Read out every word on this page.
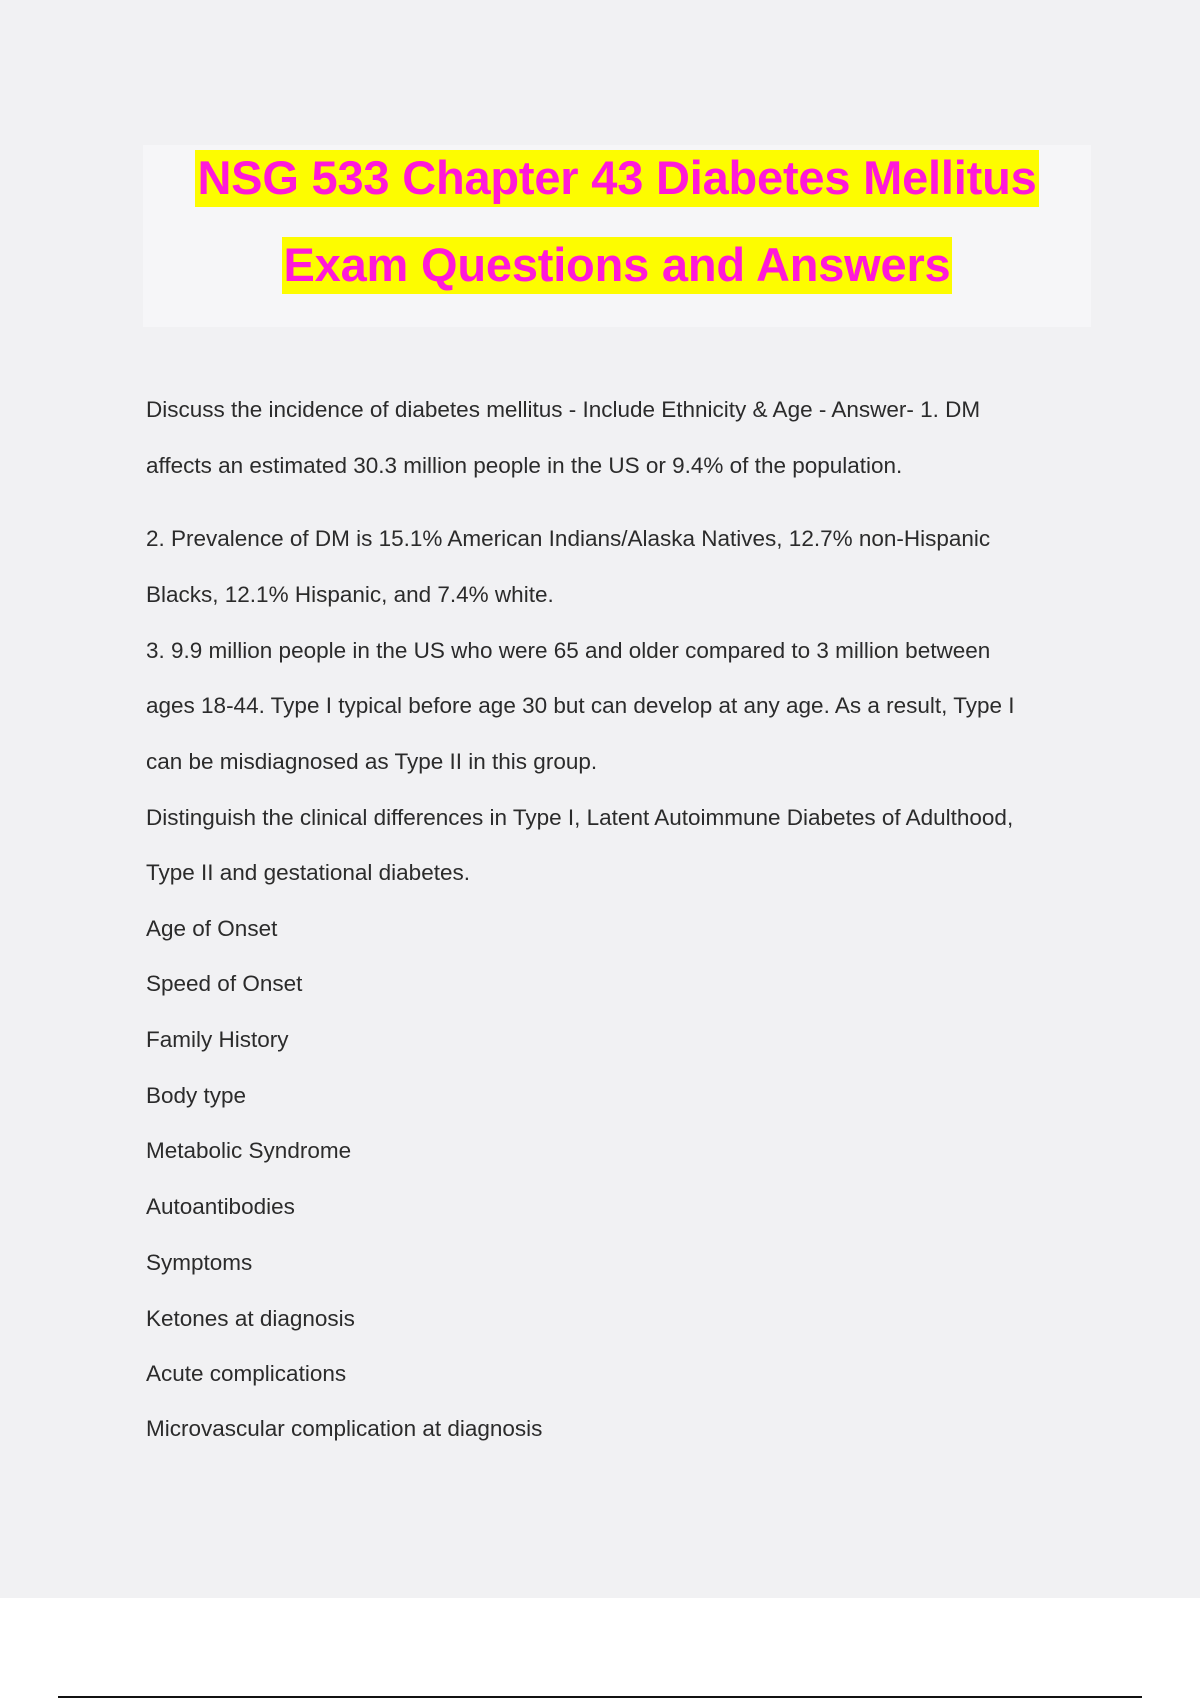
NSG 533 Chapter 43 Diabetes Mellitus
Exam Questions and Answers
Discuss the incidence of diabetes mellitus - Include Ethnicity & Age - Answer- 1. DM
affects an estimated 30.3 million people in the US or 9.4% of the population.
2. Prevalence of DM is 15.1% American Indians/Alaska Natives, 12.7% non-Hispanic
Blacks, 12.1% Hispanic, and 7.4% white.
3. 9.9 million people in the US who were 65 and older compared to 3 million between
ages 18-44. Type I typical before age 30 but can develop at any age. As a result, Type I
can be misdiagnosed as Type II in this group.
Distinguish the clinical differences in Type I, Latent Autoimmune Diabetes of Adulthood,
Type II and gestational diabetes.
Age of Onset
Speed of Onset
Family History
Body type
Metabolic Syndrome
Autoantibodies
Symptoms
Ketones at diagnosis
Acute complications
Microvascular complication at diagnosis
